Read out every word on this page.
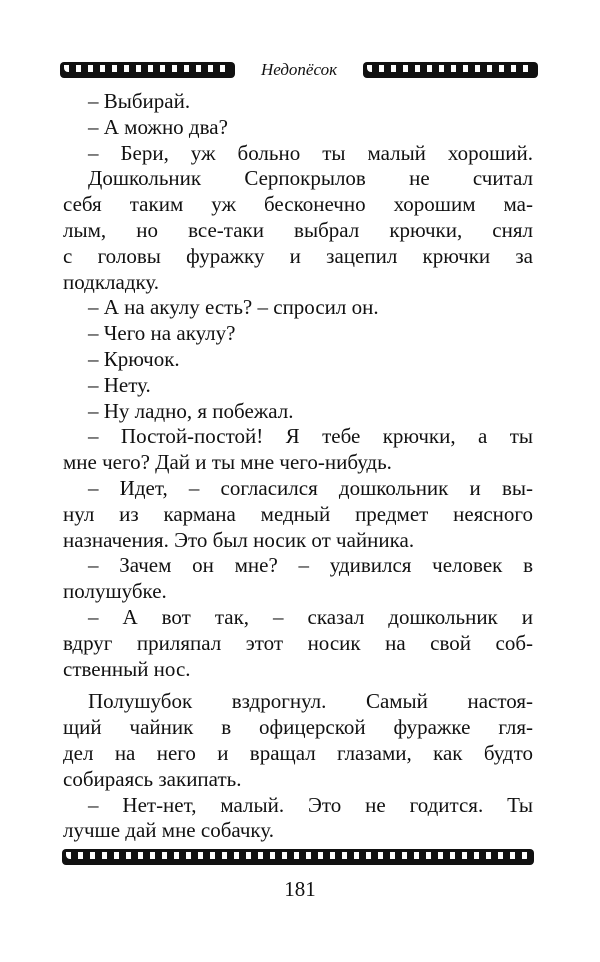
Недопёсок
– Выбирай.
– А можно два?
– Бери, уж больно ты малый хороший.
Дошкольник Серпокрылов не считал
себя таким уж бесконечно хорошим ма-
лым, но все-таки выбрал крючки, снял
с головы фуражку и зацепил крючки за
подкладку.
– А на акулу есть? – спросил он.
– Чего на акулу?
– Крючок.
– Нету.
– Ну ладно, я побежал.
– Постой-постой! Я тебе крючки, а ты
мне чего? Дай и ты мне чего-нибудь.
– Идет, – согласился дошкольник и вы-
нул из кармана медный предмет неясного
назначения. Это был носик от чайника.
– Зачем он мне? – удивился человек в
полушубке.
– А вот так, – сказал дошкольник и
вдруг приляпал этот носик на свой соб-
ственный нос.
Полушубок вздрогнул. Самый настоя-
щий чайник в офицерской фуражке гля-
дел на него и вращал глазами, как будто
собираясь закипать.
– Нет-нет, малый. Это не годится. Ты
лучше дай мне собачку.
181
